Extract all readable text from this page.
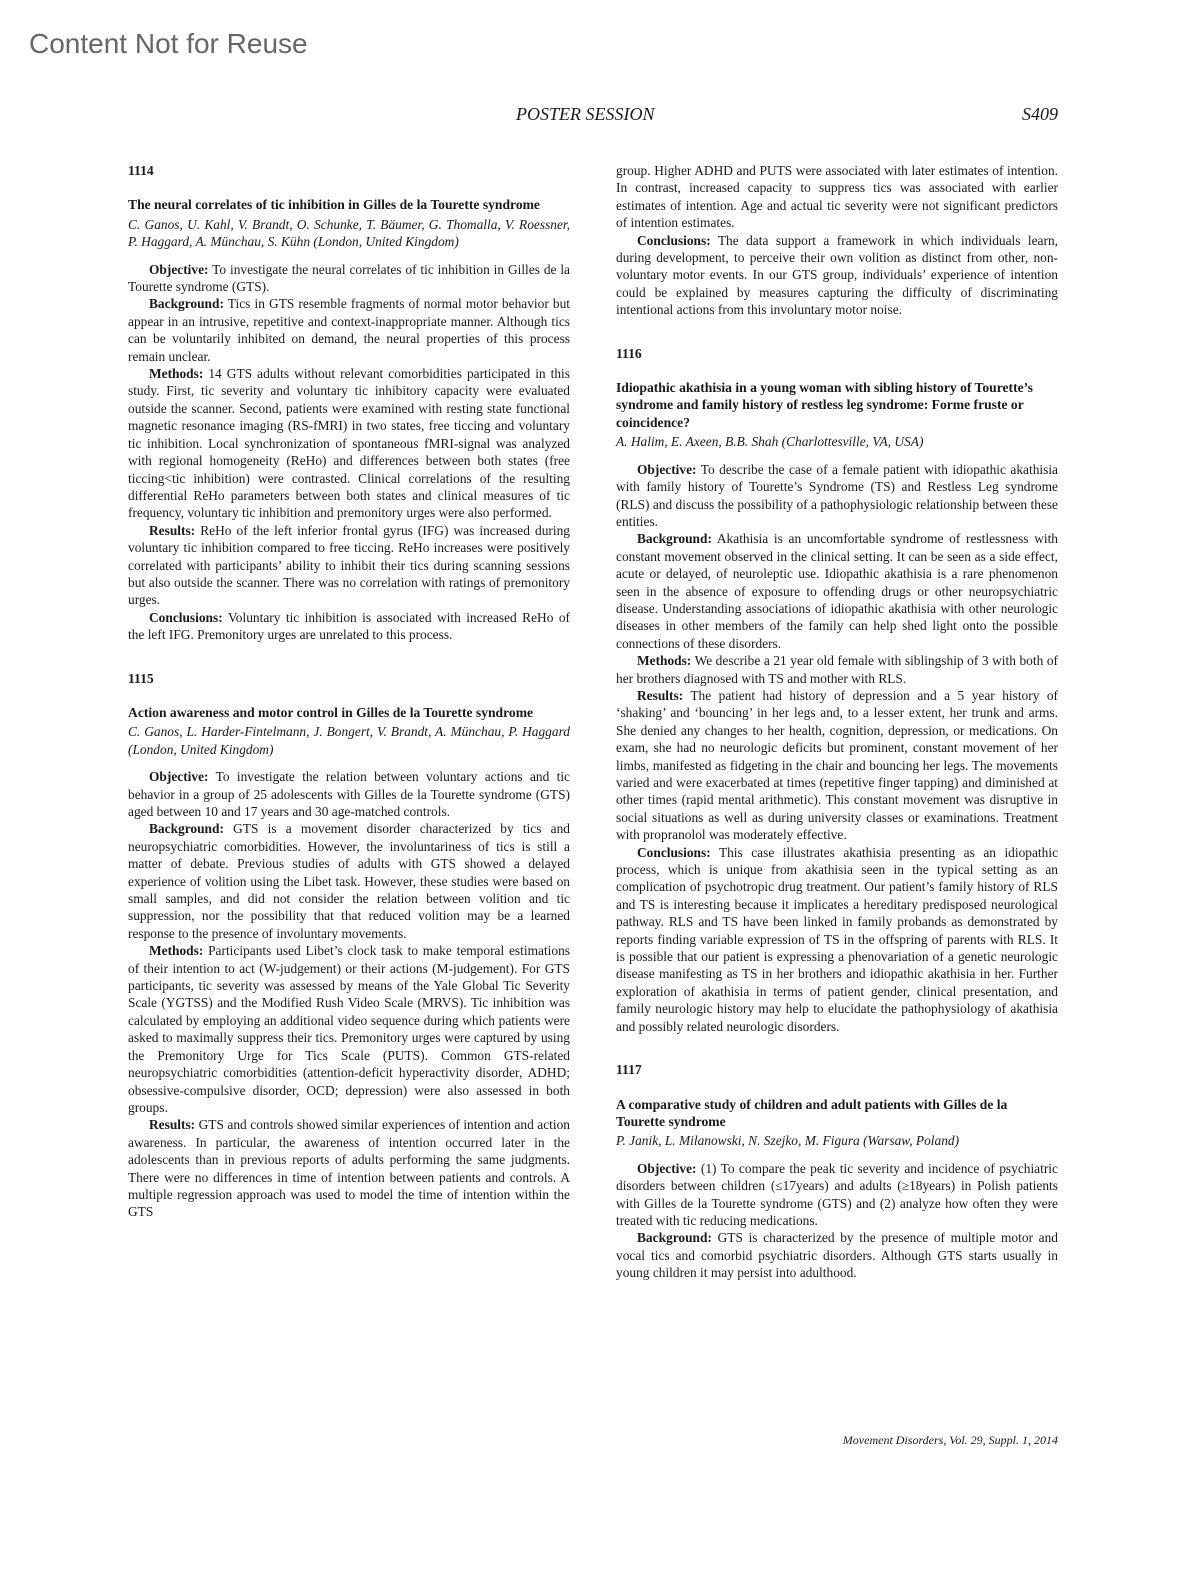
Content Not for Reuse
POSTER SESSION	S409
1114
The neural correlates of tic inhibition in Gilles de la Tourette syndrome
C. Ganos, U. Kahl, V. Brandt, O. Schunke, T. Bäumer, G. Thomalla, V. Roessner, P. Haggard, A. Münchau, S. Kühn (London, United Kingdom)

Objective: To investigate the neural correlates of tic inhibition in Gilles de la Tourette syndrome (GTS).

Background: Tics in GTS resemble fragments of normal motor behavior but appear in an intrusive, repetitive and context-inappropriate manner. Although tics can be voluntarily inhibited on demand, the neural properties of this process remain unclear.

Methods: 14 GTS adults without relevant comorbidities participated in this study. First, tic severity and voluntary tic inhibitory capacity were evaluated outside the scanner. Second, patients were examined with resting state functional magnetic resonance imaging (RS-fMRI) in two states, free ticcing and voluntary tic inhibition. Local synchronization of spontaneous fMRI-signal was analyzed with regional homogeneity (ReHo) and differences between both states (free ticcing<tic inhibition) were contrasted. Clinical correlations of the resulting differential ReHo parameters between both states and clinical measures of tic frequency, voluntary tic inhibition and premonitory urges were also performed.

Results: ReHo of the left inferior frontal gyrus (IFG) was increased during voluntary tic inhibition compared to free ticcing. ReHo increases were positively correlated with participants’ ability to inhibit their tics during scanning sessions but also outside the scanner. There was no correlation with ratings of premonitory urges.

Conclusions: Voluntary tic inhibition is associated with increased ReHo of the left IFG. Premonitory urges are unrelated to this process.

1115
Action awareness and motor control in Gilles de la Tourette syndrome
C. Ganos, L. Harder-Fintelmann, J. Bongert, V. Brandt, A. Münchau, P. Haggard (London, United Kingdom)

Objective: To investigate the relation between voluntary actions and tic behavior in a group of 25 adolescents with Gilles de la Tourette syndrome (GTS) aged between 10 and 17 years and 30 age-matched controls.

Background: GTS is a movement disorder characterized by tics and neuropsychiatric comorbidities. However, the involuntariness of tics is still a matter of debate. Previous studies of adults with GTS showed a delayed experience of volition using the Libet task. However, these studies were based on small samples, and did not consider the relation between volition and tic suppression, nor the possibility that that reduced volition may be a learned response to the presence of involuntary movements.

Methods: Participants used Libet’s clock task to make temporal estimations of their intention to act (W-judgement) or their actions (M-judgement). For GTS participants, tic severity was assessed by means of the Yale Global Tic Severity Scale (YGTSS) and the Modified Rush Video Scale (MRVS). Tic inhibition was calculated by employing an additional video sequence during which patients were asked to maximally suppress their tics. Premonitory urges were captured by using the Premonitory Urge for Tics Scale (PUTS). Common GTS-related neuropsychiatric comorbidities (attention-deficit hyperactivity disorder, ADHD; obsessive-compulsive disorder, OCD; depression) were also assessed in both groups.

Results: GTS and controls showed similar experiences of intention and action awareness. In particular, the awareness of intention occurred later in the adolescents than in previous reports of adults performing the same judgments. There were no differences in time of intention between patients and controls. A multiple regression approach was used to model the time of intention within the GTS

group. Higher ADHD and PUTS were associated with later estimates of intention. In contrast, increased capacity to suppress tics was associated with earlier estimates of intention. Age and actual tic severity were not significant predictors of intention estimates.

Conclusions: The data support a framework in which individuals learn, during development, to perceive their own volition as distinct from other, non-voluntary motor events. In our GTS group, individuals’ experience of intention could be explained by measures capturing the difficulty of discriminating intentional actions from this involuntary motor noise.

1116
Idiopathic akathisia in a young woman with sibling history of Tourette’s syndrome and family history of restless leg syndrome: Forme fruste or coincidence?
A. Halim, E. Axeen, B.B. Shah (Charlottesville, VA, USA)

Objective: To describe the case of a female patient with idiopathic akathisia with family history of Tourette’s Syndrome (TS) and Restless Leg syndrome (RLS) and discuss the possibility of a pathophysiologic relationship between these entities.

Background: Akathisia is an uncomfortable syndrome of restlessness with constant movement observed in the clinical setting. It can be seen as a side effect, acute or delayed, of neuroleptic use. Idiopathic akathisia is a rare phenomenon seen in the absence of exposure to offending drugs or other neuropsychiatric disease. Understanding associations of idiopathic akathisia with other neurologic diseases in other members of the family can help shed light onto the possible connections of these disorders.

Methods: We describe a 21 year old female with siblingship of 3 with both of her brothers diagnosed with TS and mother with RLS.

Results: The patient had history of depression and a 5 year history of ‘shaking’ and ‘bouncing’ in her legs and, to a lesser extent, her trunk and arms. She denied any changes to her health, cognition, depression, or medications. On exam, she had no neurologic deficits but prominent, constant movement of her limbs, manifested as fidgeting in the chair and bouncing her legs. The movements varied and were exacerbated at times (repetitive finger tapping) and diminished at other times (rapid mental arithmetic). This constant movement was disruptive in social situations as well as during university classes or examinations. Treatment with propranolol was moderately effective.

Conclusions: This case illustrates akathisia presenting as an idiopathic process, which is unique from akathisia seen in the typical setting as an complication of psychotropic drug treatment. Our patient’s family history of RLS and TS is interesting because it implicates a hereditary predisposed neurological pathway. RLS and TS have been linked in family probands as demonstrated by reports finding variable expression of TS in the offspring of parents with RLS. It is possible that our patient is expressing a phenovariation of a genetic neurologic disease manifesting as TS in her brothers and idiopathic akathisia in her. Further exploration of akathisia in terms of patient gender, clinical presentation, and family neurologic history may help to elucidate the pathophysiology of akathisia and possibly related neurologic disorders.

1117
A comparative study of children and adult patients with Gilles de la Tourette syndrome
P. Janik, L. Milanowski, N. Szejko, M. Figura (Warsaw, Poland)

Objective: (1) To compare the peak tic severity and incidence of psychiatric disorders between children (≤17years) and adults (≥18years) in Polish patients with Gilles de la Tourette syndrome (GTS) and (2) analyze how often they were treated with tic reducing medications.

Background: GTS is characterized by the presence of multiple motor and vocal tics and comorbid psychiatric disorders. Although GTS starts usually in young children it may persist into adulthood.

Movement Disorders, Vol. 29, Suppl. 1, 2014
